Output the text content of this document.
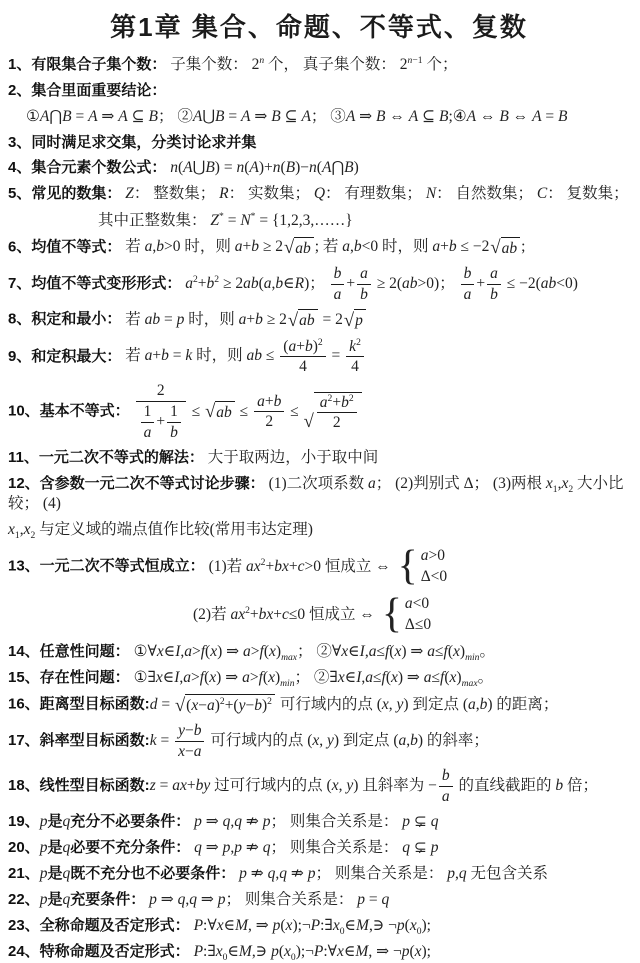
第1章 集合、命题、不等式、复数
1、有限集合子集个数： 子集个数： 2$^n$ 个， 真子集个数： $2^{n-1}$ 个；
2、集合里面重要结论：
①A⋂B = A ⇒ A ⊆ B； ②A⋃B = A ⇒ B ⊆ A； ③A ⇒ B ⇔ A ⊆ B;④A ⇔ B ⇔ A = B
3、同时满足求交集，分类讨论求并集
4、集合元素个数公式： n(A⋃B) = n(A)+n(B)−n(A⋂B)
5、常见的数集： Z： 整数集； R： 实数集； Q： 有理数集； N： 自然数集； C： 复数集；
其中正整数集： Z* = N* = {1,2,3,……}
6、均值不等式： 若 a,b>0 时，则 a+b ≥ 2 √ ab ; 若 a,b<0 时，则 a+b ≤ −2 √ ab ;
7、均值不等式变形形式： $a^2+b^2$ ≥ 2ab(a,b∈R)； $\frac{b}{a} + \frac{a}{b} \ge 2(ab>0)$； $\frac{b}{a} + \frac{a}{b} \le -2(ab<0)$
8、积定和最小： 若 ab = p 时，则 a+b ≥ 2 √ ab = 2 √ p
9、和定积最大： 若 a+b = k 时，则 ab ≤ $\frac{(a+b)^2}{4} = \frac{k^2}{4}$
10、基本不等式： $\frac{2}{\frac{1}{a} + \frac{1}{b}}$ ≤ √ ab ≤ $\frac{a+b}{2}$ ≤ √ $\frac{a^2+b^2}{2}$
11、一元二次不等式的解法： 大于取两边，小于取中间
12、含参数一元二次不等式讨论步骤： (1)二次项系数 a； (2)判别式 Δ； (3)两根 $x_1,x_2$ 大小比较； (4)
$x_1,x_2$ 与定义域的端点值作比较(常用韦达定理)
13、一元二次不等式恒成立： (1)若 $ax^2+bx+c>0$ 恒成立 ⇔ { a>0
Δ<0
(2)若 $ax^2+bx+c\le 0$ 恒成立 ⇔ { a<0
Δ≤0
14、任意性问题： ①∀x∈I,a>f(x) ⇒ $a>f(x)_{max}$； ②∀x∈I,a≤f(x) ⇒ $a\le f(x)_{min}$。
15、存在性问题： ①∃x∈I,a>f(x) ⇒ $a>f(x)_{min}$； ②∃x∈I,a≤f(x) ⇒ $a\le f(x)_{max}$。
16、距离型目标函数:d = √ $(x-a)^2+(y-b)^2$ 可行域内的点 (x, y) 到定点 (a,b) 的距离；
17、斜率型目标函数:k = $\frac{y-b}{x-a}$ 可行域内的点 (x, y) 到定点 (a,b) 的斜率；
18、线性型目标函数:z = ax+by 过可行域内的点 (x, y) 且斜率为 − $\frac{b}{a}$ 的直线截距的 b 倍；
19、p是q充分不必要条件： p ⇒ q,q ⇏ p； 则集合关系是： p ⊊ q
20、p是q必要不充分条件： q ⇒ p,p ⇏ q； 则集合关系是： q ⊊ p
21、p是q既不充分也不必要条件： p ⇏ q,q ⇏ p； 则集合关系是： p,q 无包含关系
22、p是q充要条件： p ⇒ q,q ⇒ p； 则集合关系是： p = q
23、全称命题及否定形式： P:∀x∈M, ⇒ $p(x);\neg P:\exists x_0\in M,∋$ $\neg p(x_0)$;
24、特称命题及否定形式： $P:\exists x_0\in M,∋$ $p(x_0);\neg P:\forall x\in M$, ⇒ ¬p(x);
